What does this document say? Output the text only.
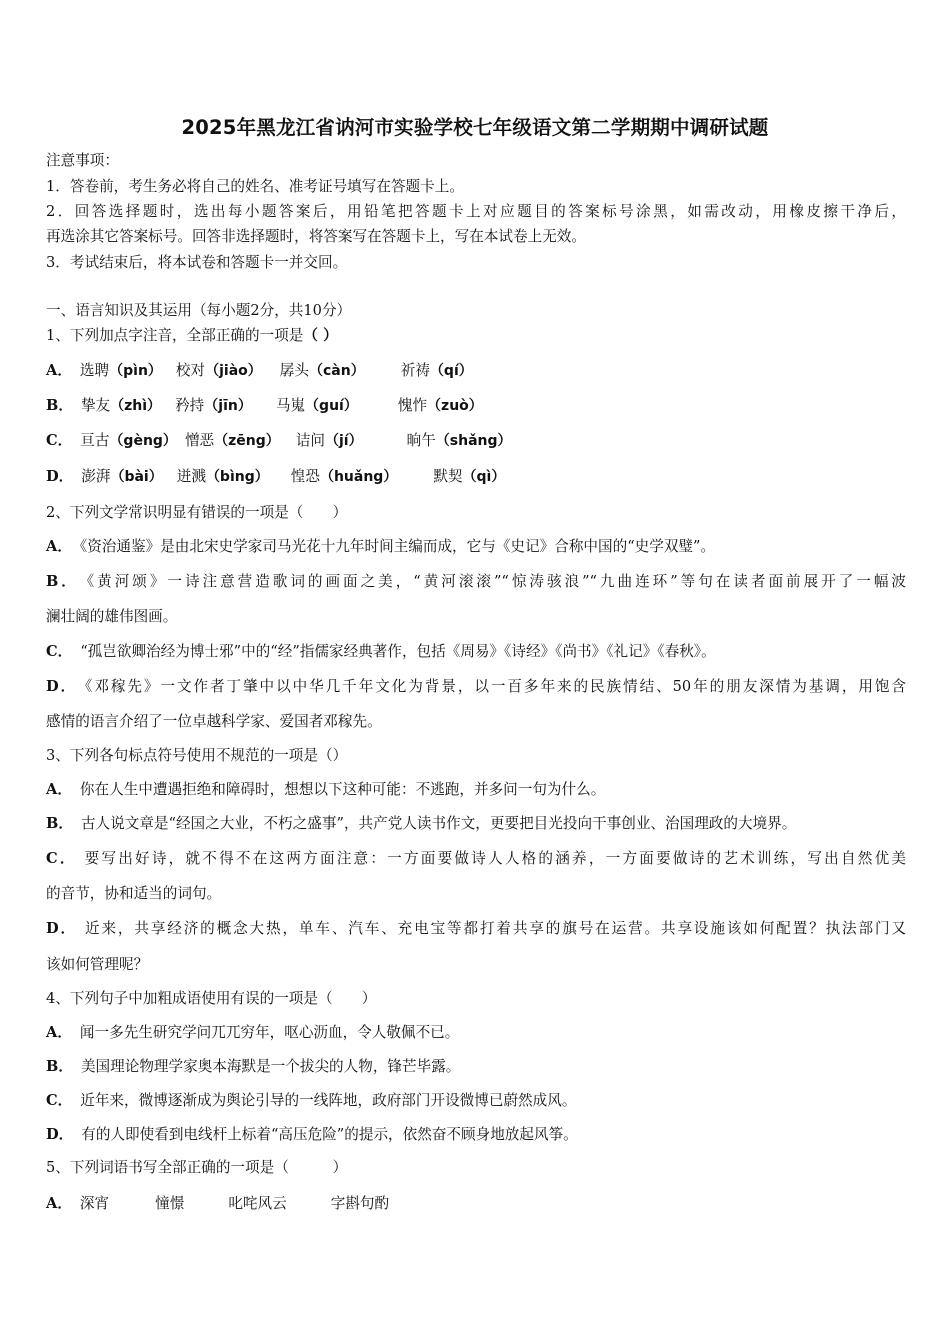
2025年黑龙江省讷河市实验学校七年级语文第二学期期中调研试题
注意事项：
1．答卷前，考生务必将自己的姓名、准考证号填写在答题卡上。
2．回答选择题时，选出每小题答案后，用铅笔把答题卡上对应题目的答案标号涂黑，如需改动，用橡皮擦干净后，
再选涂其它答案标号。回答非选择题时，将答案写在答题卡上，写在本试卷上无效。
3．考试结束后，将本试卷和答题卡一并交回。
一、语言知识及其运用（每小题2分，共10分）
1、下列加点字注音，全部正确的一项是（ ）
A． 选聘（pìn） 校对（jiào） 孱头（càn） 祈祷（qí）
B． 挚友（zhì） 矜持（jīn） 马嵬（guí）	愧怍（zuò）
C． 亘古（gèng） 憎恶（zēng） 诘问（jí）	晌午（shǎng）
D． 澎湃（bài） 迸溅（bìng） 惶恐（huǎng） 默契（qì）
2、下列文学常识明显有错误的一项是（　　）
A． 《资治通鉴》是由北宋史学家司马光花十九年时间主编而成，它与《史记》合称中国的“史学双璧”。
B． 《黄河颂》一诗注意营造歌词的画面之美，“黄河滚滚”“惊涛骇浪”“九曲连环”等句在读者面前展开了一幅波
澜壮阔的雄伟图画。
C． “孤岂欲卿治经为博士邪”中的“经”指儒家经典著作，包括《周易》《诗经》《尚书》《礼记》《春秋》。
D． 《邓稼先》一文作者丁肇中以中华几千年文化为背景，以一百多年来的民族情结、50年的朋友深情为基调，用饱含
感情的语言介绍了一位卓越科学家、爱国者邓稼先。
3、下列各句标点符号使用不规范的一项是（）
A． 你在人生中遭遇拒绝和障碍时，想想以下这种可能：不逃跑，并多问一句为什么。
B． 古人说文章是“经国之大业，不朽之盛事”，共产党人读书作文，更要把目光投向干事创业、治国理政的大境界。
C． 要写出好诗，就不得不在这两方面注意：一方面要做诗人人格的涵养，一方面要做诗的艺术训练，写出自然优美
的音节，协和适当的词句。
D． 近来，共享经济的概念大热，单车、汽车、充电宝等都打着共享的旗号在运营。共享设施该如何配置？执法部门又
该如何管理呢？
4、下列句子中加粗成语使用有误的一项是（　　）
A． 闻一多先生研究学问兀兀穷年，呕心沥血，令人敬佩不已。
B． 美国理论物理学家奥本海默是一个拔尖的人物，锋芒毕露。
C． 近年来，微博逐渐成为舆论引导的一线阵地，政府部门开设微博已蔚然成风。
D． 有的人即使看到电线杆上标着“高压危险”的提示，依然奋不顾身地放起风筝。
5、下列词语书写全部正确的一项是（　　　）
A． 深宵	憧憬	叱咤风云	字斟句酌
